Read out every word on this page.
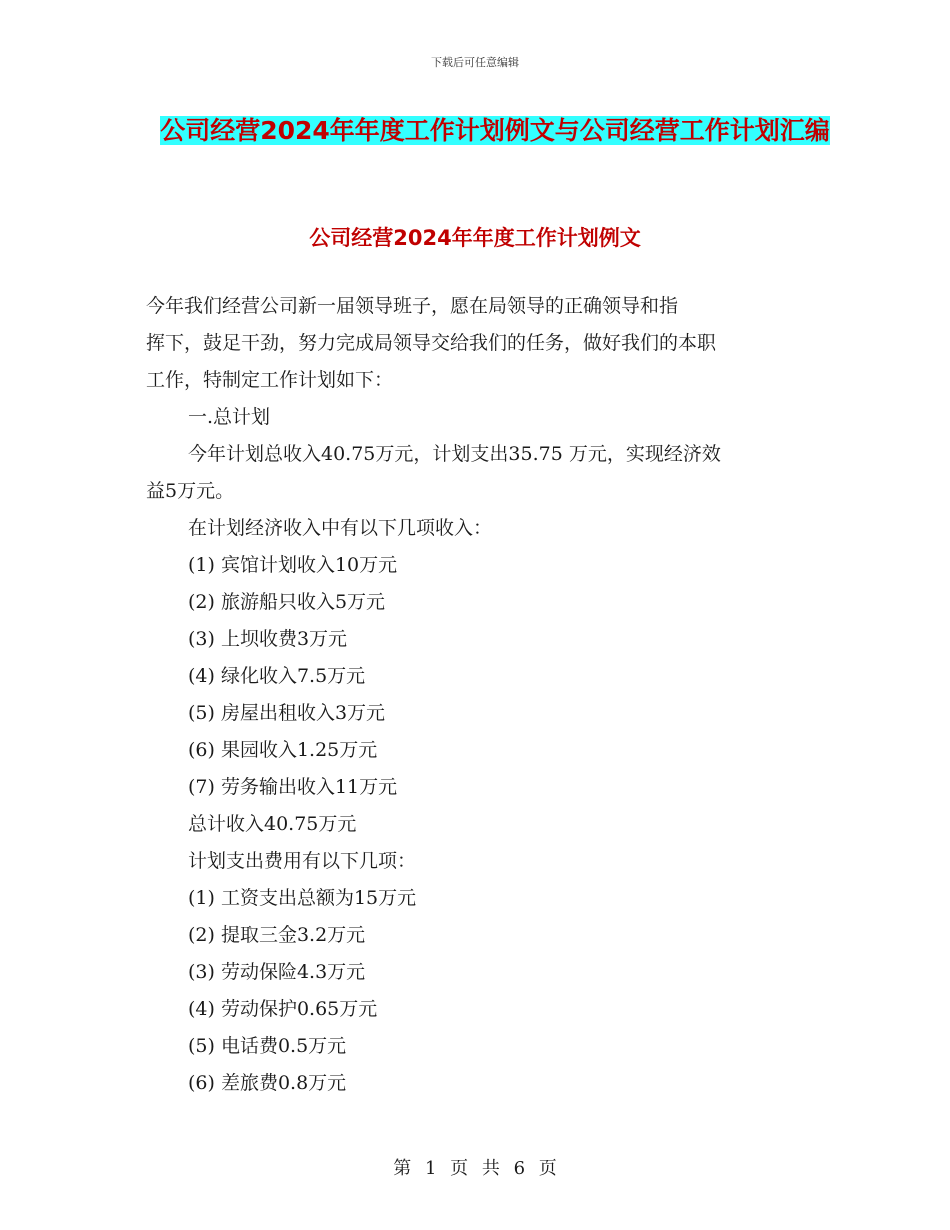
下载后可任意编辑
公司经营2024年年度工作计划例文与公司经营工作计划汇编
公司经营2024年年度工作计划例文

今年我们经营公司新一届领导班子，愿在局领导的正确领导和指

挥下，鼓足干劲，努力完成局领导交给我们的任务，做好我们的本职

工作，特制定工作计划如下：

一.总计划

今年计划总收入40.75万元，计划支出35.75 万元，实现经济效

益5万元。

在计划经济收入中有以下几项收入：

(1) 宾馆计划收入10万元

(2) 旅游船只收入5万元

(3) 上坝收费3万元

(4) 绿化收入7.5万元

(5) 房屋出租收入3万元

(6) 果园收入1.25万元

(7) 劳务输出收入11万元

总计收入40.75万元

计划支出费用有以下几项：

(1) 工资支出总额为15万元

(2) 提取三金3.2万元

(3) 劳动保险4.3万元

(4) 劳动保护0.65万元

(5) 电话费0.5万元

(6) 差旅费0.8万元

第 1 页 共 6 页
